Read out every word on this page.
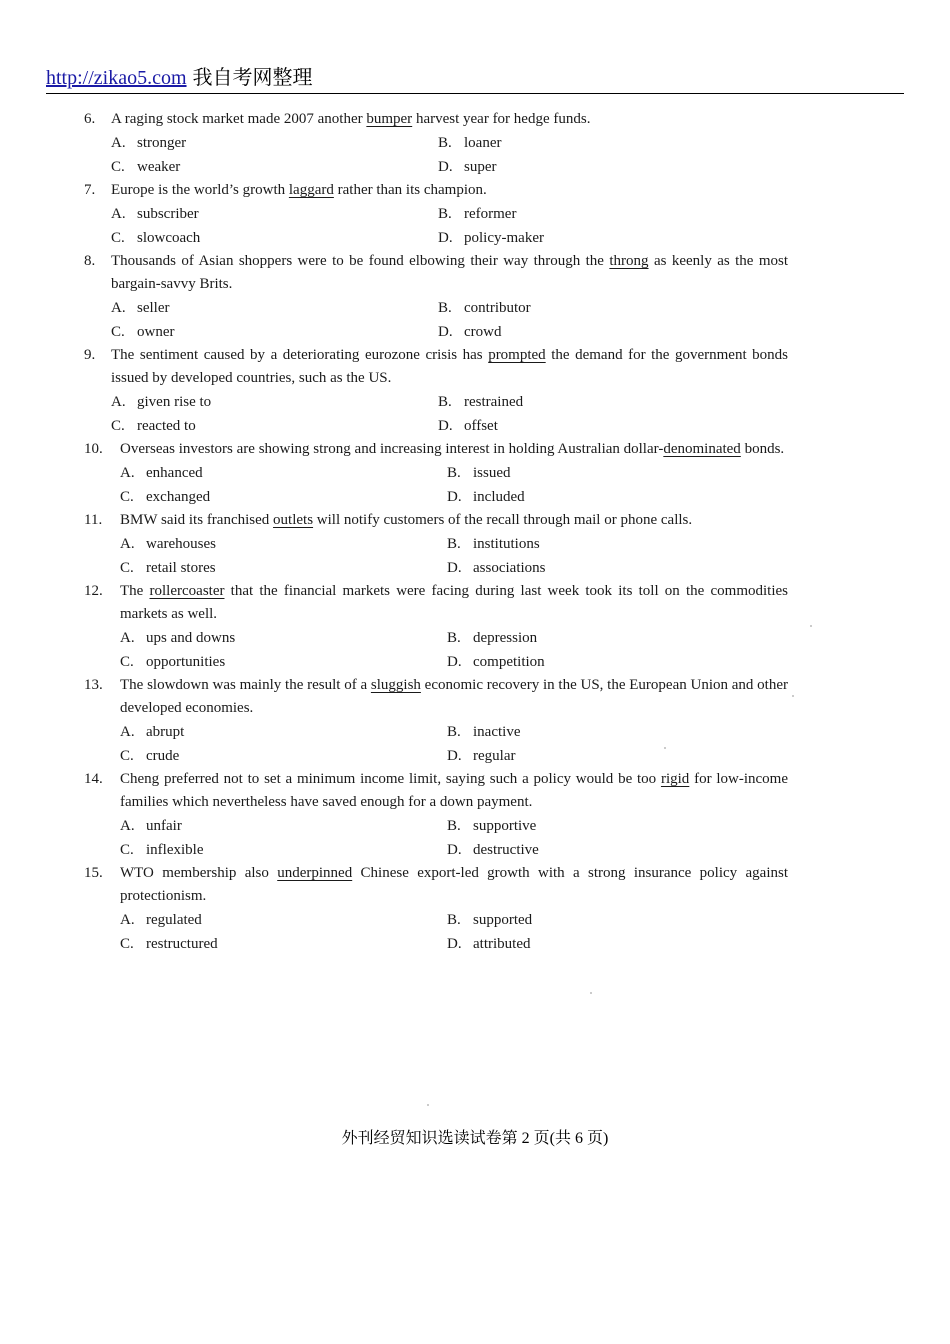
http://zikao5.com 我自考网整理
6.	A raging stock market made 2007 another bumper harvest year for hedge funds.
A. stronger	B. loaner
C. weaker	D. super
7.	Europe is the world’s growth laggard rather than its champion.
A. subscriber	B. reformer
C. slowcoach	D. policy-maker
8.	Thousands of Asian shoppers were to be found elbowing their way through the throng as keenly as the most bargain-savvy Brits.
A. seller	B. contributor
C. owner	D. crowd
9.	The sentiment caused by a deteriorating eurozone crisis has prompted the demand for the government bonds issued by developed countries, such as the US.
A. given rise to	B. restrained
C. reacted to	D. offset
10.	Overseas investors are showing strong and increasing interest in holding Australian dollar-denominated bonds.
A. enhanced	B. issued
C. exchanged	D. included
11.	BMW said its franchised outlets will notify customers of the recall through mail or phone calls.
A. warehouses	B. institutions
C. retail stores	D. associations
12.	The rollercoaster that the financial markets were facing during last week took its toll on the commodities markets as well.
A. ups and downs	B. depression
C. opportunities	D. competition
13.	The slowdown was mainly the result of a sluggish economic recovery in the US, the European Union and other developed economies.
A. abrupt	B. inactive
C. crude	D. regular
14.	Cheng preferred not to set a minimum income limit, saying such a policy would be too rigid for low-income families which nevertheless have saved enough for a down payment.
A. unfair	B. supportive
C. inflexible	D. destructive
15.	WTO membership also underpinned Chinese export-led growth with a strong insurance policy against protectionism.
A. regulated	B. supported
C. restructured	D. attributed
外刊经贸知识选读试卷第 2 页(共 6 页)
